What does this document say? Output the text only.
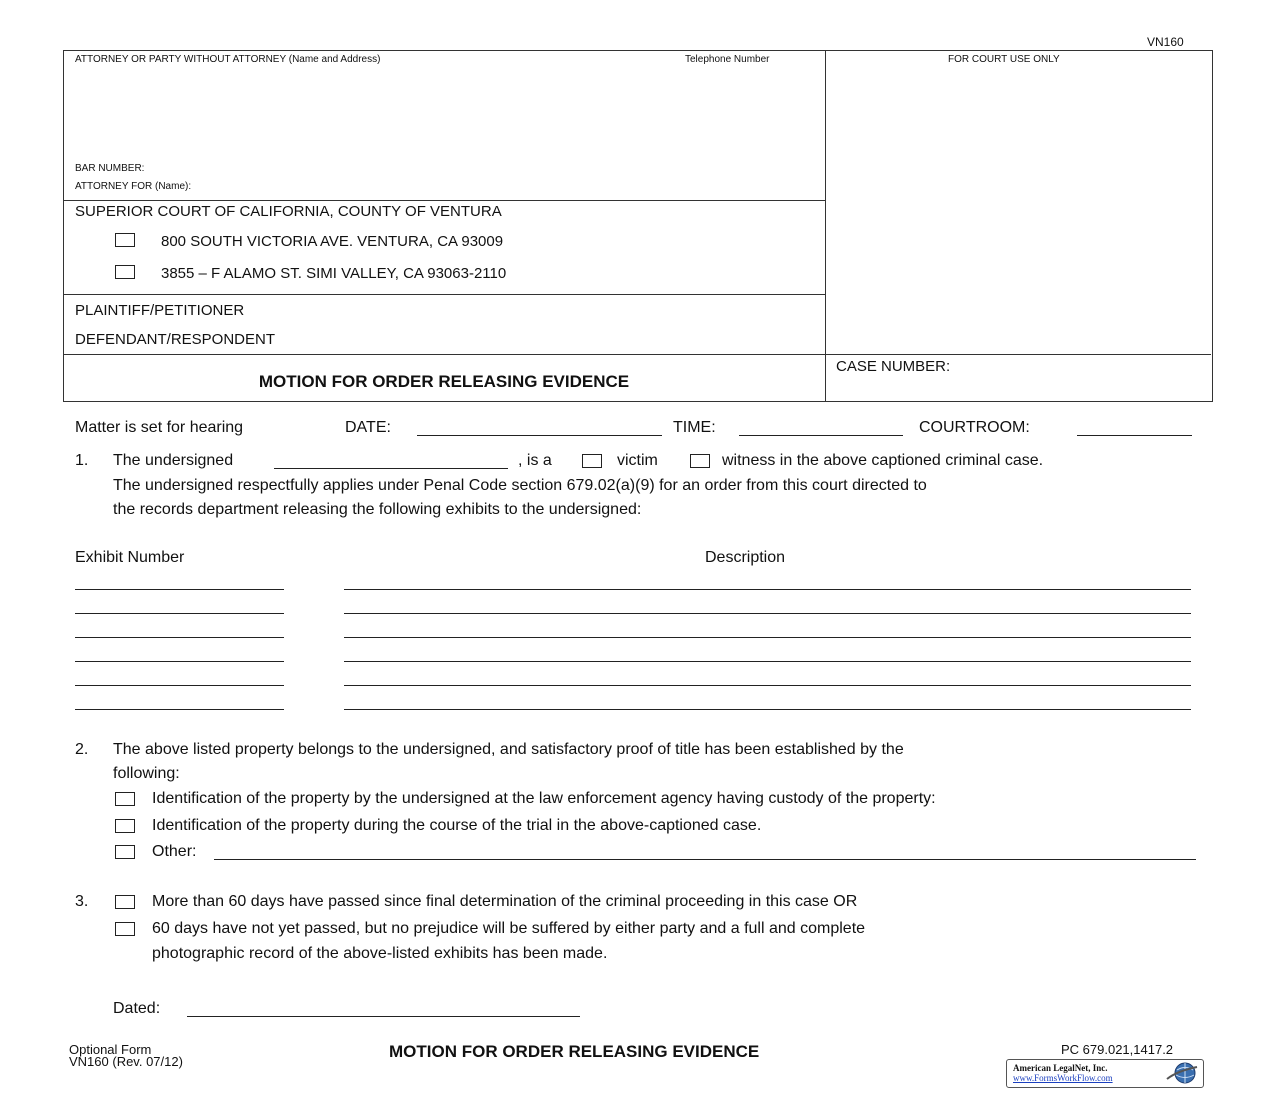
VN160
ATTORNEY OR PARTY WITHOUT ATTORNEY (Name and Address)	Telephone Number	FOR COURT USE ONLY
BAR NUMBER:
ATTORNEY FOR (Name):
SUPERIOR COURT OF CALIFORNIA, COUNTY OF VENTURA
800 SOUTH VICTORIA AVE. VENTURA, CA 93009
3855 – F ALAMO ST. SIMI VALLEY, CA 93063-2110
PLAINTIFF/PETITIONER
DEFENDANT/RESPONDENT
MOTION FOR ORDER RELEASING EVIDENCE
CASE NUMBER:
Matter is set for hearing	DATE:	TIME:	COURTROOM:
1. The undersigned	, is a	victim	witness in the above captioned criminal case.
The undersigned respectfully applies under Penal Code section 679.02(a)(9) for an order from this court directed to
the records department releasing the following exhibits to the undersigned:
Exhibit Number	Description
2. The above listed property belongs to the undersigned, and satisfactory proof of title has been established by the
following:
Identification of the property by the undersigned at the law enforcement agency having custody of the property:
Identification of the property during the course of the trial in the above-captioned case.
Other:
3.	More than 60 days have passed since final determination of the criminal proceeding in this case OR
60 days have not yet passed, but no prejudice will be suffered by either party and a full and complete
photographic record of the above-listed exhibits has been made.
Dated:
Optional Form
VN160 (Rev. 07/12)
MOTION FOR ORDER RELEASING EVIDENCE	PC 679.021,1417.2
American LegalNet, Inc.
www.FormsWorkFlow.com
